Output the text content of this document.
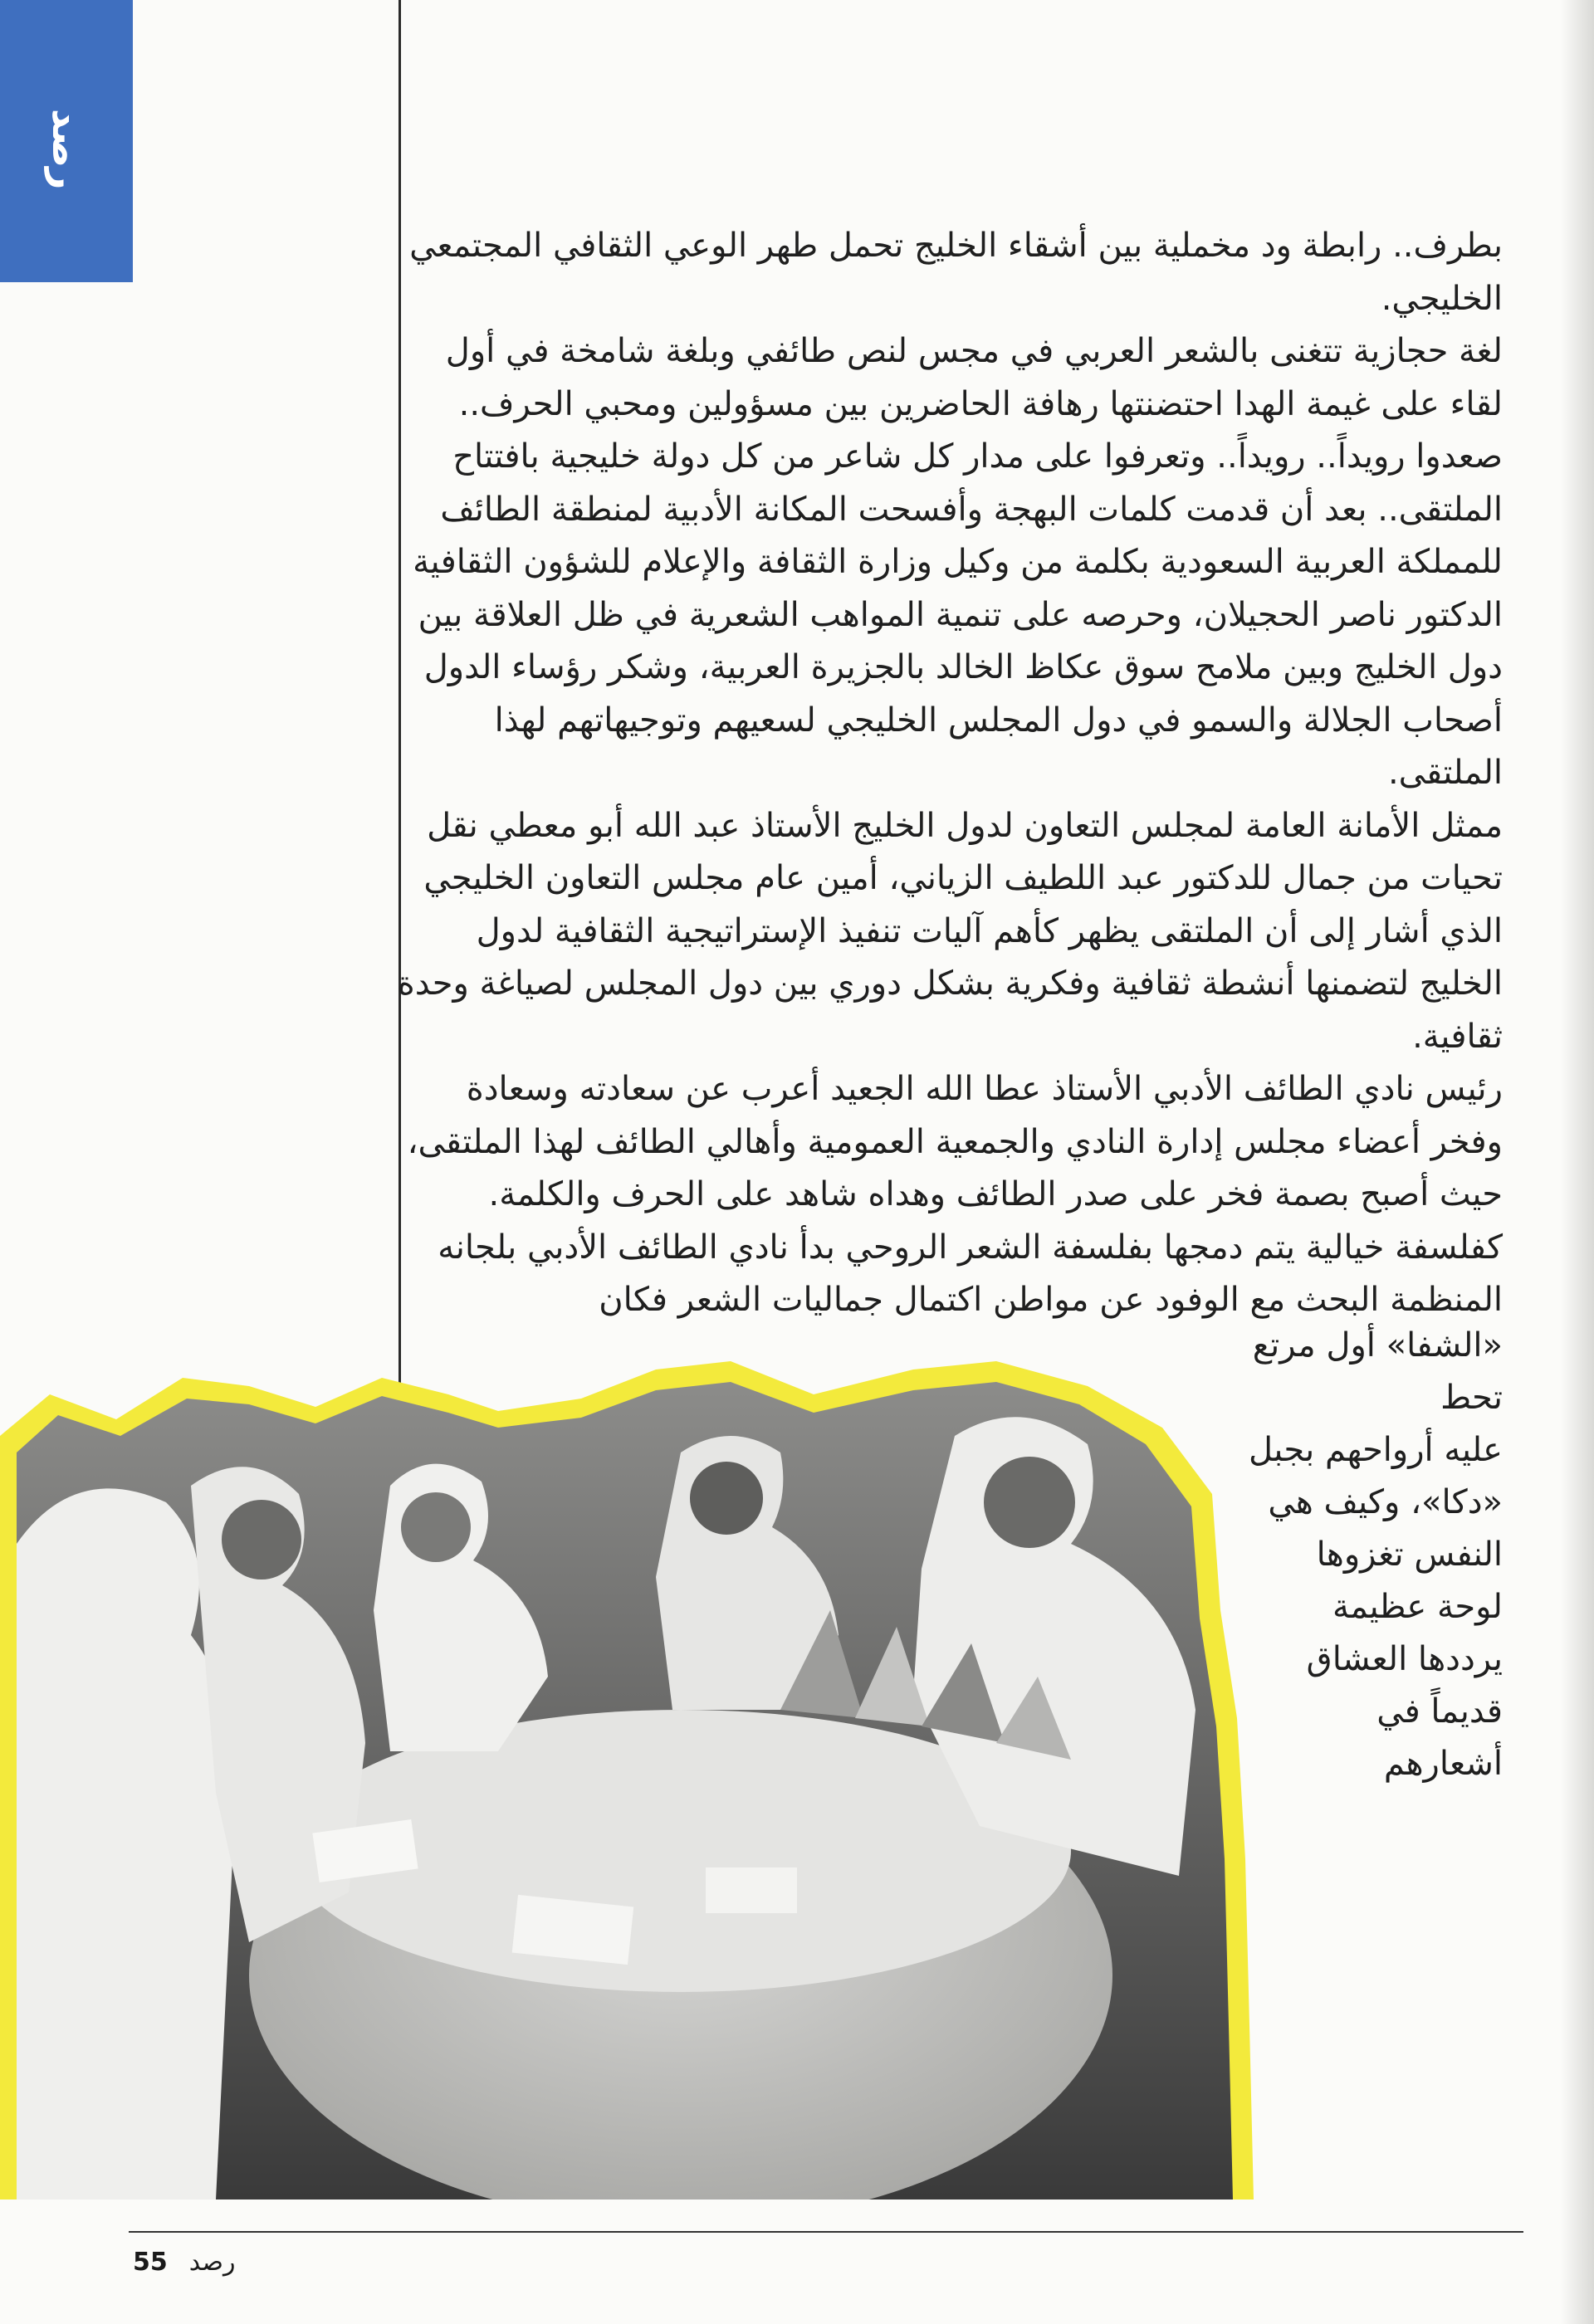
رصد

بطرف.. رابطة ود مخملية بين أشقاء الخليج تحمل طهر الوعي الثقافي المجتمعي الخليجي.

لغة حجازية تتغنى بالشعر العربي في مجس لنص طائفي وبلغة شامخة في أول لقاء على غيمة الهدا احتضنتها رهافة الحاضرين بين مسؤولين ومحبي الحرف.. صعدوا رويداً.. رويداً.. وتعرفوا على مدار كل شاعر من كل دولة خليجية بافتتاح الملتقى.. بعد أن قدمت كلمات البهجة وأفسحت المكانة الأدبية لمنطقة الطائف للمملكة العربية السعودية بكلمة من وكيل وزارة الثقافة والإعلام للشؤون الثقافية الدكتور ناصر الحجيلان، وحرصه على تنمية المواهب الشعرية في ظل العلاقة بين دول الخليج وبين ملامح سوق عكاظ الخالد بالجزيرة العربية، وشكر رؤساء الدول أصحاب الجلالة والسمو في دول المجلس الخليجي لسعيهم وتوجيهاتهم لهذا الملتقى.

ممثل الأمانة العامة لمجلس التعاون لدول الخليج الأستاذ عبد الله أبو معطي نقل تحيات من جمال للدكتور عبد اللطيف الزياني، أمين عام مجلس التعاون الخليجي الذي أشار إلى أن الملتقى يظهر كأهم آليات تنفيذ الإستراتيجية الثقافية لدول الخليج لتضمنها أنشطة ثقافية وفكرية بشكل دوري بين دول المجلس لصياغة وحدة ثقافية.

رئيس نادي الطائف الأدبي الأستاذ عطا الله الجعيد أعرب عن سعادته وسعادة وفخر أعضاء مجلس إدارة النادي والجمعية العمومية وأهالي الطائف لهذا الملتقى، حيث أصبح بصمة فخر على صدر الطائف وهداه شاهد على الحرف والكلمة.

كفلسفة خيالية يتم دمجها بفلسفة الشعر الروحي بدأ نادي الطائف الأدبي بلجانه المنظمة البحث مع الوفود عن مواطن اكتمال جماليات الشعر فكان

«الشفا» أول مرتع تحط

عليه أرواحهم بجبل

«دكا»، وكيف هي

النفس تغزوها

لوحة عظيمة

يرددها العشاق

قديماً في

أشعارهم

55 رصد
